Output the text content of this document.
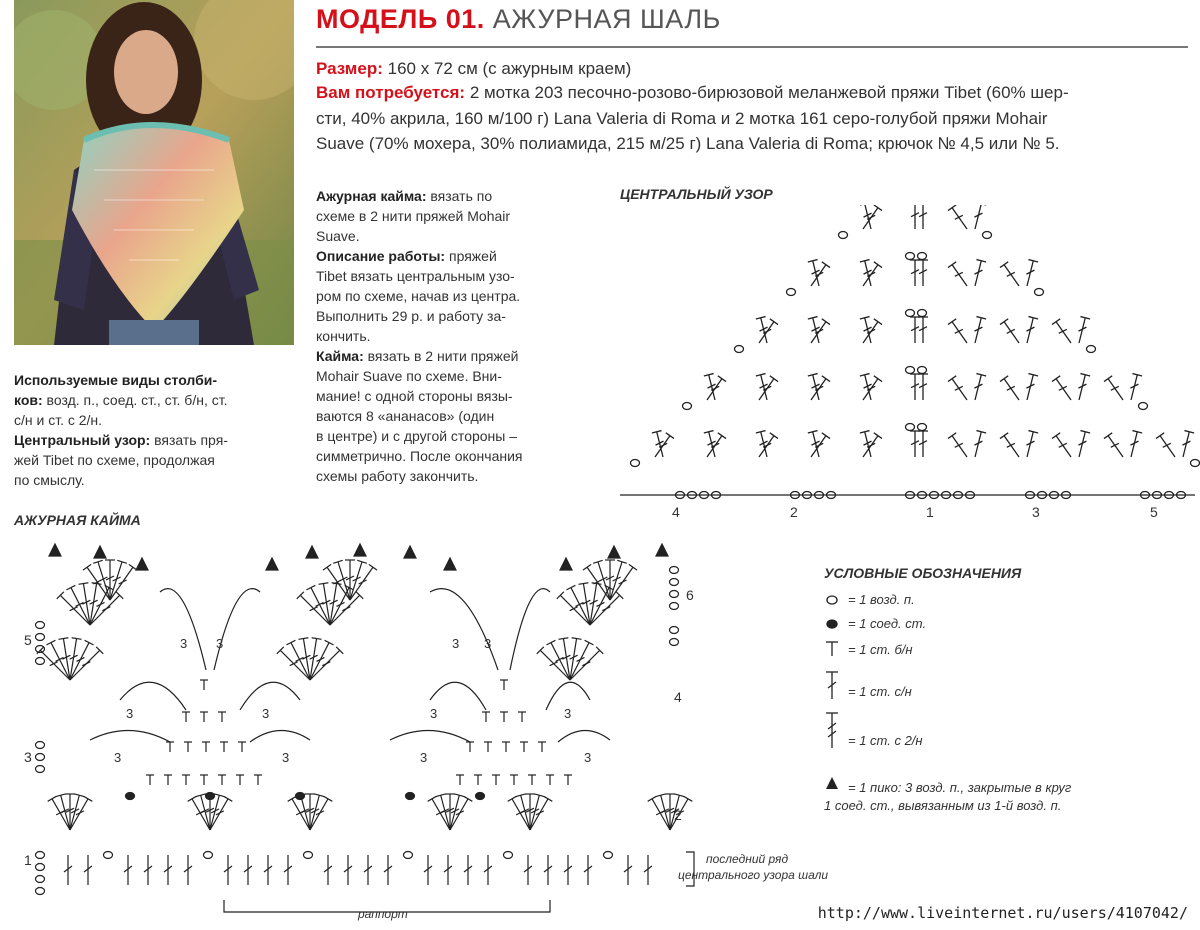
МОДЕЛЬ 01. АЖУРНАЯ ШАЛЬ
Размер: 160 х 72 см (с ажурным краем)
Вам потребуется: 2 мотка 203 песочно-розово-бирюзовой меланжевой пряжи Tibet (60% шер-
сти, 40% акрила, 160 м/100 г) Lana Valeria di Roma и 2 мотка 161 серо-голубой пряжи Mohair
Suave (70% мохера, 30% полиамида, 215 м/25 г) Lana Valeria di Roma; крючок № 4,5 или № 5.
Используемые виды столби-
ков: возд. п., соед. ст., ст. б/н, ст.
с/н и ст. с 2/н.
Центральный узор: вязать пря-
жей Tibet по схеме, продолжая
по смыслу.
Ажурная кайма: вязать по
схеме в 2 нити пряжей Mohair
Suave.
Описание работы: пряжей
Tibet вязать центральным узо-
ром по схеме, начав из центра.
Выполнить 29 р. и работу за-
кончить.
Кайма: вязать в 2 нити пряжей
Mohair Suave по схеме. Вни-
мание! с одной стороны вязы-
ваются 8 «ананасов» (один
в центре) и с другой стороны –
симметрично. После окончания
схемы работу закончить.
ЦЕНТРАЛЬНЫЙ УЗОР
4	2	1	3	5
АЖУРНАЯ КАЙМА
5
3
1
6
4
2
3 3	3 3
3	3	3	3
3	3	3	3
последний ряд
центрального узора шали
раппорт
УСЛОВНЫЕ ОБОЗНАЧЕНИЯ
= 1 возд. п.
= 1 соед. ст.
= 1 ст. б/н
= 1 ст. с/н
= 1 ст. с 2/н
= 1 пико: 3 возд. п., закрытые в круг
1 соед. ст., вывязанным из 1-й возд. п.
http://www.liveinternet.ru/users/4107042/
